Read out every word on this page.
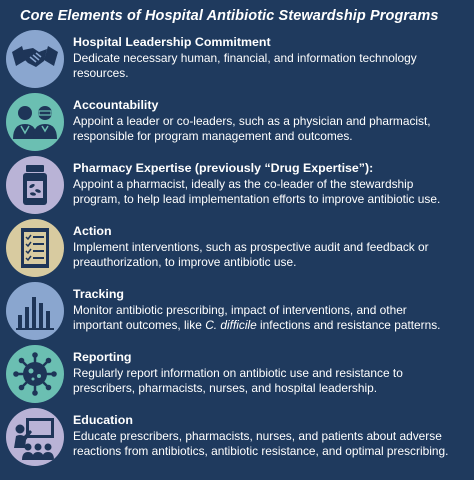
Core Elements of Hospital Antibiotic Stewardship Programs
Hospital Leadership Commitment
Dedicate necessary human, financial, and information technology resources.
Accountability
Appoint a leader or co-leaders, such as a physician and pharmacist, responsible for program management and outcomes.
Pharmacy Expertise (previously “Drug Expertise”):
Appoint a pharmacist, ideally as the co-leader of the stewardship program, to help lead implementation efforts to improve antibiotic use.
Action
Implement interventions, such as prospective audit and feedback or preauthorization, to improve antibiotic use.
Tracking
Monitor antibiotic prescribing, impact of interventions, and other important outcomes, like C. difficile infections and resistance patterns.
Reporting
Regularly report information on antibiotic use and resistance to prescribers, pharmacists, nurses, and hospital leadership.
Education
Educate prescribers, pharmacists, nurses, and patients about adverse reactions from antibiotics, antibiotic resistance, and optimal prescribing.
